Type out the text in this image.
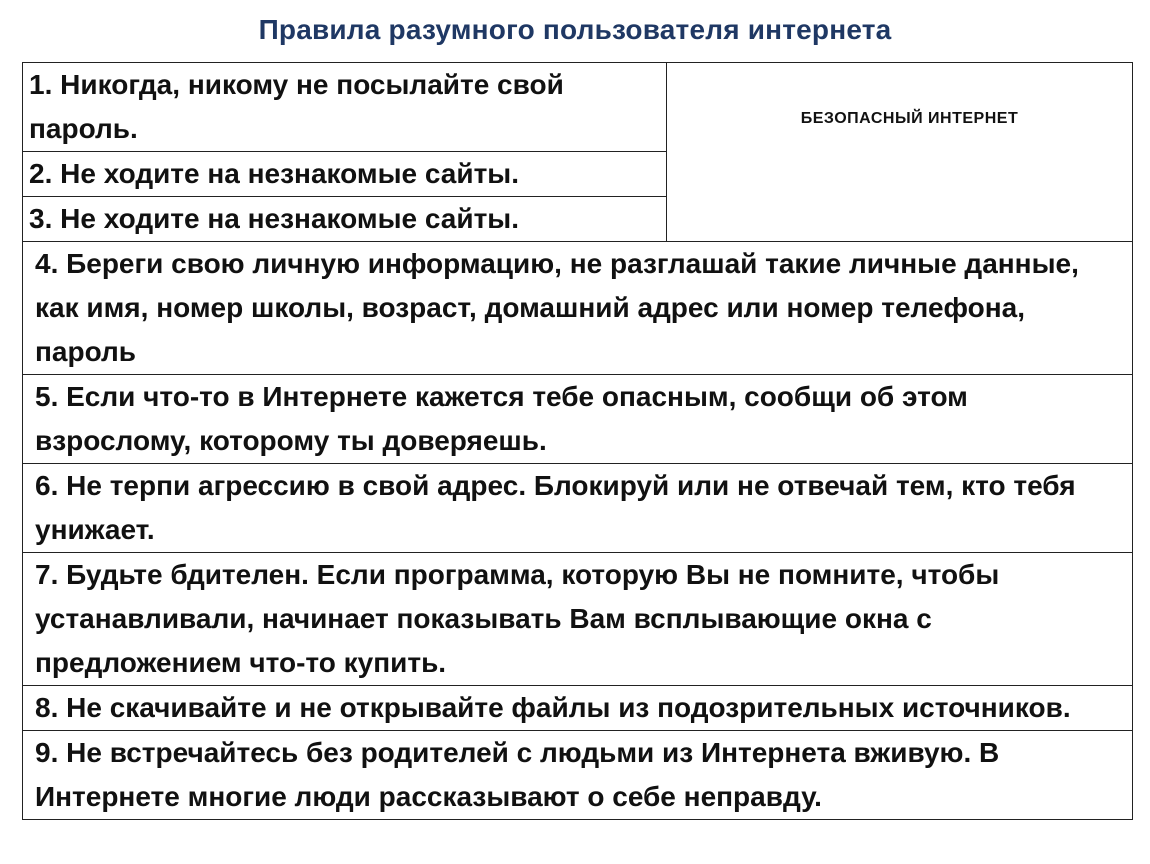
Правила разумного пользователя интернета
1. Никогда, никому не посылайте свой пароль.	БЕЗОПАСНЫЙ ИНТЕРНЕТ

2. Не ходите на незнакомые сайты.
3. Не ходите на незнакомые сайты.
4. Береги свою личную информацию, не разглашай такие личные данные, как имя, номер школы, возраст, домашний адрес или номер телефона, пароль
5. Если что-то в Интернете кажется тебе опасным, сообщи об этом взрослому, которому ты доверяешь.
6. Не терпи агрессию в свой адрес. Блокируй или не отвечай тем, кто тебя унижает.
7. Будьте бдителен. Если программа, которую Вы не помните, чтобы устанавливали, начинает показывать Вам всплывающие окна с предложением что-то купить.
8. Не скачивайте и не открывайте файлы из подозрительных источников.
9. Не встречайтесь без родителей с людьми из Интернета вживую. В Интернете многие люди рассказывают о себе неправду.
